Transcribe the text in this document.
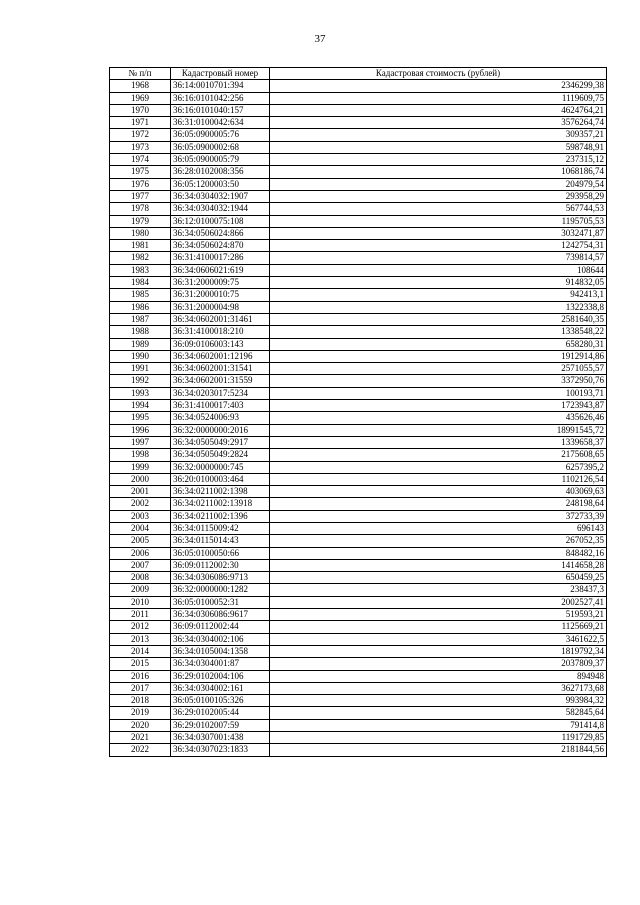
37
№ п/п	Кадастровый номер	Кадастровая стоимость (рублей)
1968	36:14:0010701:394	2346299,38
1969	36:16:0101042:256	1119609,75
1970	36:16:0101040:157	4624764,21
1971	36:31:0100042:634	3576264,74
1972	36:05:0900005:76	309357,21
1973	36:05:0900002:68	598748,91
1974	36:05:0900005:79	237315,12
1975	36:28:0102008:356	1068186,74
1976	36:05:1200003:50	204979,54
1977	36:34:0304032:1907	293958,29
1978	36:34:0304032:1944	567744,53
1979	36:12:0100075:108	1195705,53
1980	36:34:0506024:866	3032471,87
1981	36:34:0506024:870	1242754,31
1982	36:31:4100017:286	739814,57
1983	36:34:0606021:619	108644
1984	36:31:2000009:75	914832,05
1985	36:31:2000010:75	942413,1
1986	36:31:2000004:98	1322338,8
1987	36:34:0602001:31461	2581640,35
1988	36:31:4100018:210	1338548,22
1989	36:09:0106003:143	658280,31
1990	36:34:0602001:12196	1912914,86
1991	36:34:0602001:31541	2571055,57
1992	36:34:0602001:31559	3372950,76
1993	36:34:0203017:5234	100193,71
1994	36:31:4100017:403	1723943,87
1995	36:34:0524006:93	435626,46
1996	36:32:0000000:2016	18991545,72
1997	36:34:0505049:2917	1339658,37
1998	36:34:0505049:2824	2175608,65
1999	36:32:0000000:745	6257395,2
2000	36:20:0100003:464	1102126,54
2001	36:34:0211002:1398	403069,63
2002	36:34:0211002:13918	248198,64
2003	36:34:0211002:1396	372733,39
2004	36:34:0115009:42	696143
2005	36:34:0115014:43	267052,35
2006	36:05:0100050:66	848482,16
2007	36:09:0112002:30	1414658,28
2008	36:34:0306086:9713	650459,25
2009	36:32:0000000:1282	238437,3
2010	36:05:0100052:31	2002527,41
2011	36:34:0306086:9617	519593,21
2012	36:09:0112002:44	1125669,21
2013	36:34:0304002:106	3461622,5
2014	36:34:0105004:1358	1819792,34
2015	36:34:0304001:87	2037809,37
2016	36:29:0102004:106	894948
2017	36:34:0304002:161	3627173,68
2018	36:05:0100105:326	993984,32
2019	36:29:0102005:44	582845,64
2020	36:29:0102007:59	791414,8
2021	36:34:0307001:438	1191729,85
2022	36:34:0307023:1833	2181844,56
